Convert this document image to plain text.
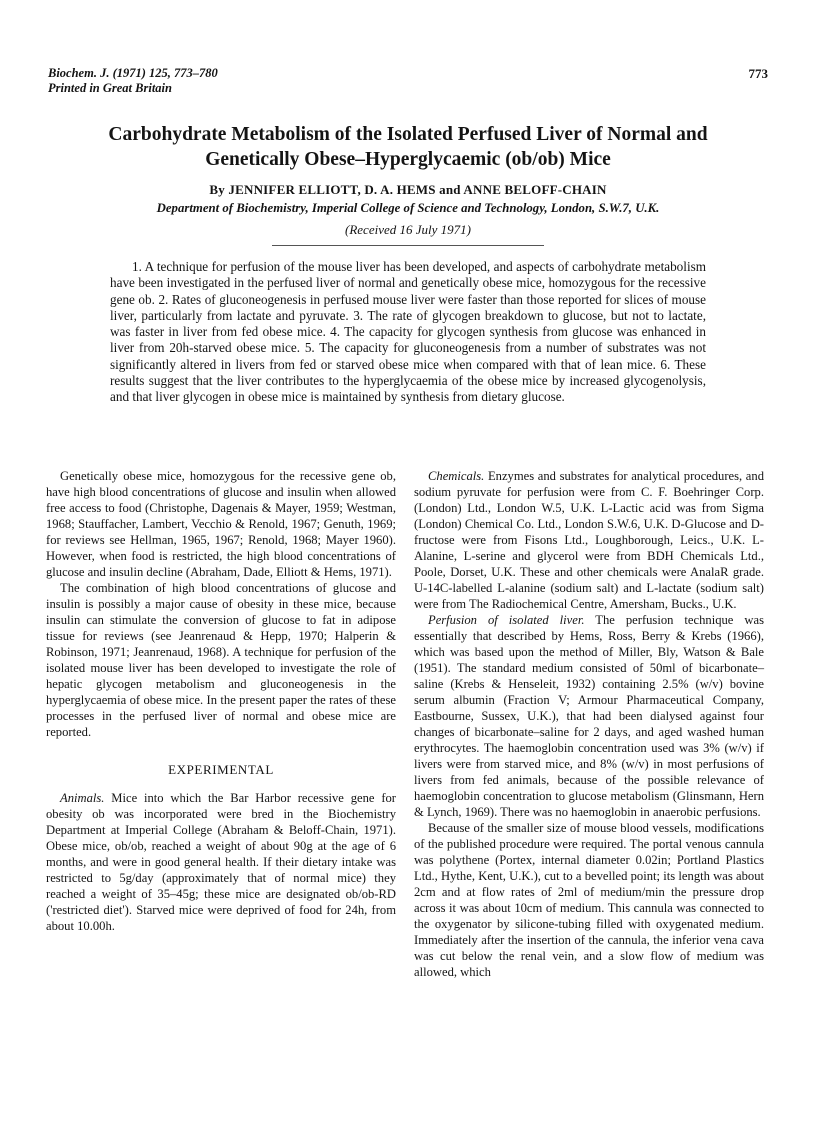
Biochem. J. (1971) 125, 773–780
Printed in Great Britain
773
Carbohydrate Metabolism of the Isolated Perfused Liver of Normal and Genetically Obese–Hyperglycaemic (ob/ob) Mice
By JENNIFER ELLIOTT, D. A. HEMS and ANNE BELOFF-CHAIN
Department of Biochemistry, Imperial College of Science and Technology, London, S.W.7, U.K.
(Received 16 July 1971)
1. A technique for perfusion of the mouse liver has been developed, and aspects of carbohydrate metabolism have been investigated in the perfused liver of normal and genetically obese mice, homozygous for the recessive gene ob. 2. Rates of gluconeogenesis in perfused mouse liver were faster than those reported for slices of mouse liver, particularly from lactate and pyruvate. 3. The rate of glycogen breakdown to glucose, but not to lactate, was faster in liver from fed obese mice. 4. The capacity for glycogen synthesis from glucose was enhanced in liver from 20h-starved obese mice. 5. The capacity for gluconeogenesis from a number of substrates was not significantly altered in livers from fed or starved obese mice when compared with that of lean mice. 6. These results suggest that the liver contributes to the hyperglycaemia of the obese mice by increased glycogenolysis, and that liver glycogen in obese mice is maintained by synthesis from dietary glucose.

Genetically obese mice, homozygous for the recessive gene ob, have high blood concentrations of glucose and insulin when allowed free access to food (Christophe, Dagenais & Mayer, 1959; Westman, 1968; Stauffacher, Lambert, Vecchio & Renold, 1967; Genuth, 1969; for reviews see Hellman, 1965, 1967; Renold, 1968; Mayer 1960). However, when food is restricted, the high blood concentrations of glucose and insulin decline (Abraham, Dade, Elliott & Hems, 1971).

The combination of high blood concentrations of glucose and insulin is possibly a major cause of obesity in these mice, because insulin can stimulate the conversion of glucose to fat in adipose tissue for reviews (see Jeanrenaud & Hepp, 1970; Halperin & Robinson, 1971; Jeanrenaud, 1968). A technique for perfusion of the isolated mouse liver has been developed to investigate the role of hepatic glycogen metabolism and gluconeogenesis in the hyperglycaemia of obese mice. In the present paper the rates of these processes in the perfused liver of normal and obese mice are reported.

EXPERIMENTAL

Animals. Mice into which the Bar Harbor recessive gene for obesity ob was incorporated were bred in the Biochemistry Department at Imperial College (Abraham & Beloff-Chain, 1971). Obese mice, ob/ob, reached a weight of about 90g at the age of 6 months, and were in good general health. If their dietary intake was restricted to 5g/day (approximately that of normal mice) they reached a weight of 35–45g; these mice are designated ob/ob-RD ('restricted diet'). Starved mice were deprived of food for 24h, from about 10.00h.

Chemicals. Enzymes and substrates for analytical procedures, and sodium pyruvate for perfusion were from C. F. Boehringer Corp. (London) Ltd., London W.5, U.K. L-Lactic acid was from Sigma (London) Chemical Co. Ltd., London S.W.6, U.K. D-Glucose and D-fructose were from Fisons Ltd., Loughborough, Leics., U.K. L-Alanine, L-serine and glycerol were from BDH Chemicals Ltd., Poole, Dorset, U.K. These and other chemicals were AnalaR grade. U-14C-labelled L-alanine (sodium salt) and L-lactate (sodium salt) were from The Radiochemical Centre, Amersham, Bucks., U.K.

Perfusion of isolated liver. The perfusion technique was essentially that described by Hems, Ross, Berry & Krebs (1966), which was based upon the method of Miller, Bly, Watson & Bale (1951). The standard medium consisted of 50ml of bicarbonate–saline (Krebs & Henseleit, 1932) containing 2.5% (w/v) bovine serum albumin (Fraction V; Armour Pharmaceutical Company, Eastbourne, Sussex, U.K.), that had been dialysed against four changes of bicarbonate–saline for 2 days, and aged washed human erythrocytes. The haemoglobin concentration used was 3% (w/v) if livers were from starved mice, and 8% (w/v) in most perfusions of livers from fed animals, because of the possible relevance of haemoglobin concentration to glucose metabolism (Glinsmann, Hern & Lynch, 1969). There was no haemoglobin in anaerobic perfusions.

Because of the smaller size of mouse blood vessels, modifications of the published procedure were required. The portal venous cannula was polythene (Portex, internal diameter 0.02in; Portland Plastics Ltd., Hythe, Kent, U.K.), cut to a bevelled point; its length was about 2cm and at flow rates of 2ml of medium/min the pressure drop across it was about 10cm of medium. This cannula was connected to the oxygenator by silicone-tubing filled with oxygenated medium. Immediately after the insertion of the cannula, the inferior vena cava was cut below the renal vein, and a slow flow of medium was allowed, which
